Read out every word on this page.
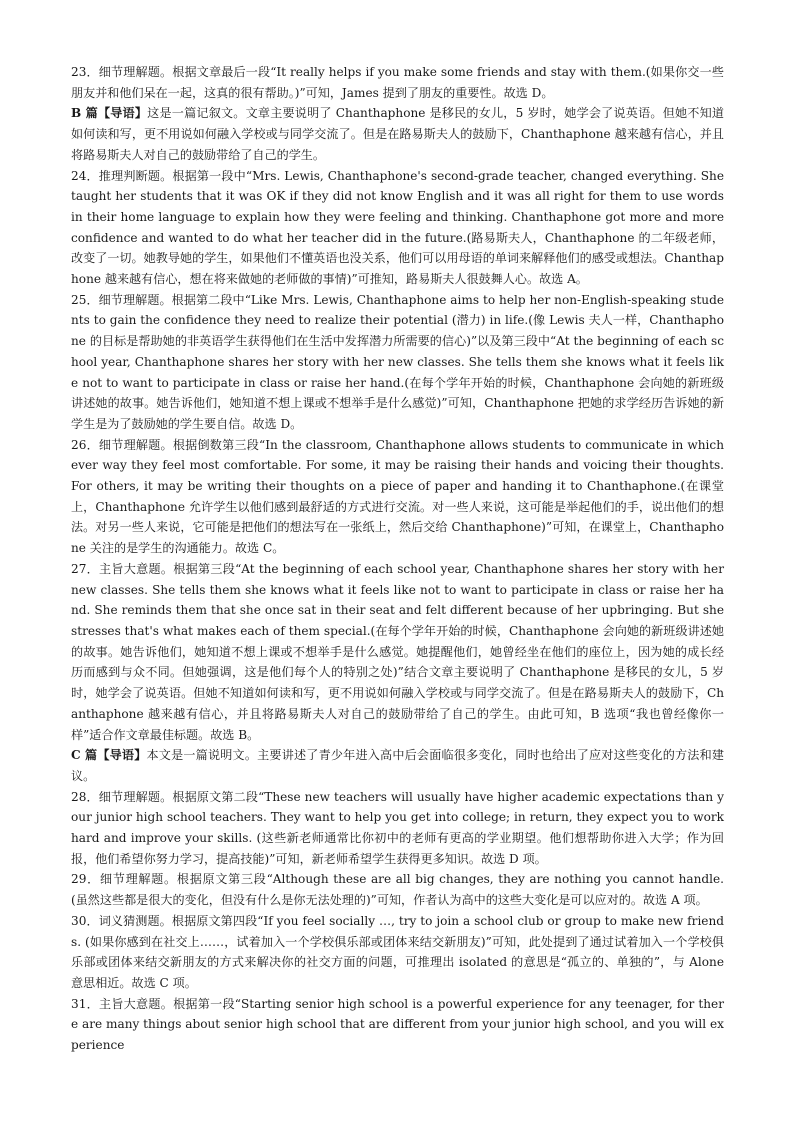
23．细节理解题。根据文章最后一段“It really helps if you make some friends and stay with them.(如果你交一些朋友并和他们呆在一起，这真的很有帮助。)”可知，James 提到了朋友的重要性。故选 D。

B 篇【导语】这是一篇记叙文。文章主要说明了 Chanthaphone 是移民的女儿，5 岁时，她学会了说英语。但她不知道如何读和写，更不用说如何融入学校或与同学交流了。但是在路易斯夫人的鼓励下，Chanthaphone 越来越有信心，并且将路易斯夫人对自己的鼓励带给了自己的学生。

24．推理判断题。根据第一段中“Mrs. Lewis, Chanthaphone's second-grade teacher, changed everything. She taught her students that it was OK if they did not know English and it was all right for them to use words in their home language to explain how they were feeling and thinking. Chanthaphone got more and more confidence and wanted to do what her teacher did in the future.(路易斯夫人，Chanthaphone 的二年级老师，改变了一切。她教导她的学生，如果他们不懂英语也没关系，他们可以用母语的单词来解释他们的感受或想法。Chanthaphone 越来越有信心，想在将来做她的老师做的事情)”可推知，路易斯夫人很鼓舞人心。故选 A。

25．细节理解题。根据第二段中“Like Mrs. Lewis, Chanthaphone aims to help her non-English-speaking students to gain the confidence they need to realize their potential (潜力) in life.(像 Lewis 夫人一样，Chanthaphone 的目标是帮助她的非英语学生获得他们在生活中发挥潜力所需要的信心)”以及第三段中“At the beginning of each school year, Chanthaphone shares her story with her new classes. She tells them she knows what it feels like not to want to participate in class or raise her hand.(在每个学年开始的时候，Chanthaphone 会向她的新班级讲述她的故事。她告诉他们，她知道不想上课或不想举手是什么感觉)”可知，Chanthaphone 把她的求学经历告诉她的新学生是为了鼓励她的学生要自信。故选 D。

26．细节理解题。根据倒数第三段“In the classroom, Chanthaphone allows students to communicate in whichever way they feel most comfortable. For some, it may be raising their hands and voicing their thoughts. For others, it may be writing their thoughts on a piece of paper and handing it to Chanthaphone.(在课堂上，Chanthaphone 允许学生以他们感到最舒适的方式进行交流。对一些人来说，这可能是举起他们的手，说出他们的想法。对另一些人来说，它可能是把他们的想法写在一张纸上，然后交给 Chanthaphone)”可知，在课堂上，Chanthaphone 关注的是学生的沟通能力。故选 C。

27．主旨大意题。根据第三段“At the beginning of each school year, Chanthaphone shares her story with her new classes. She tells them she knows what it feels like not to want to participate in class or raise her hand. She reminds them that she once sat in their seat and felt different because of her upbringing. But she stresses that's what makes each of them special.(在每个学年开始的时候，Chanthaphone 会向她的新班级讲述她的故事。她告诉他们，她知道不想上课或不想举手是什么感觉。她提醒他们，她曾经坐在他们的座位上，因为她的成长经历而感到与众不同。但她强调，这是他们每个人的特别之处)”结合文章主要说明了 Chanthaphone 是移民的女儿，5 岁时，她学会了说英语。但她不知道如何读和写，更不用说如何融入学校或与同学交流了。但是在路易斯夫人的鼓励下，Chanthaphone 越来越有信心，并且将路易斯夫人对自己的鼓励带给了自己的学生。由此可知，B 选项“我也曾经像你一样”适合作文章最佳标题。故选 B。

C 篇【导语】本文是一篇说明文。主要讲述了青少年进入高中后会面临很多变化，同时也给出了应对这些变化的方法和建议。

28．细节理解题。根据原文第二段“These new teachers will usually have higher academic expectations than your junior high school teachers. They want to help you get into college; in return, they expect you to work hard and improve your skills. (这些新老师通常比你初中的老师有更高的学业期望。他们想帮助你进入大学；作为回报，他们希望你努力学习，提高技能)”可知，新老师希望学生获得更多知识。故选 D 项。

29．细节理解题。根据原文第三段“Although these are all big changes, they are nothing you cannot handle. (虽然这些都是很大的变化，但没有什么是你无法处理的)”可知，作者认为高中的这些大变化是可以应对的。故选 A 项。

30．词义猜测题。根据原文第四段“If you feel socially …, try to join a school club or group to make new friends. (如果你感到在社交上……，试着加入一个学校俱乐部或团体来结交新朋友)”可知，此处提到了通过试着加入一个学校俱乐部或团体来结交新朋友的方式来解决你的社交方面的问题，可推理出 isolated 的意思是“孤立的、单独的”，与 Alone 意思相近。故选 C 项。

31．主旨大意题。根据第一段“Starting senior high school is a powerful experience for any teenager, for there are many things about senior high school that are different from your junior high school, and you will experience
